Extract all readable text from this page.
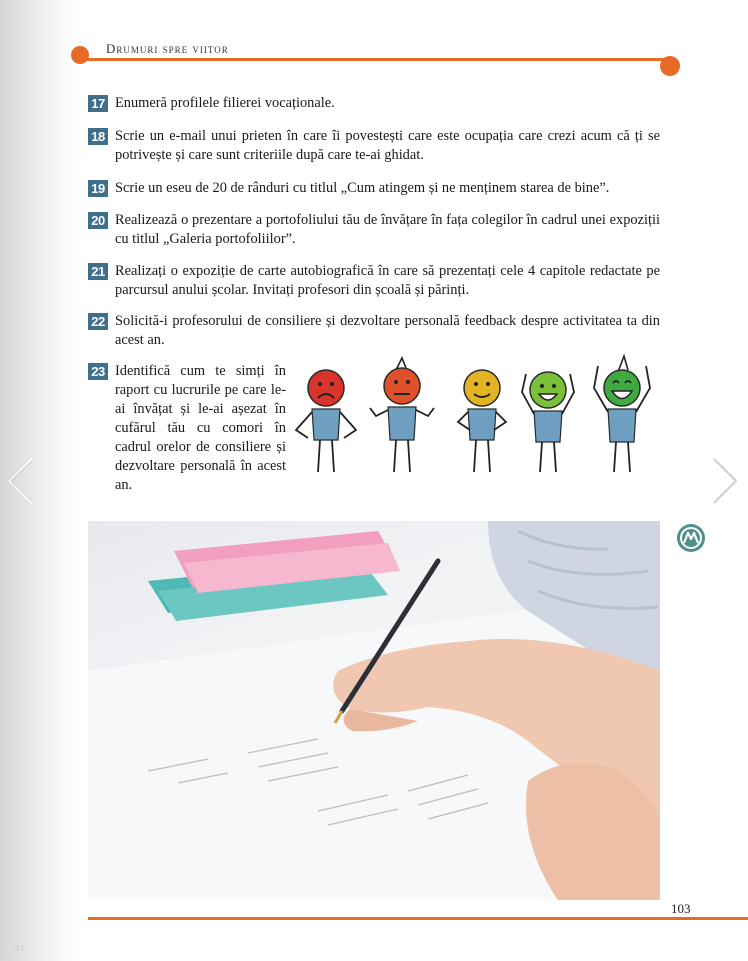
44
Drumuri spre viitor
17 Enumeră profilele filierei vocaționale.
18 Scrie un e-mail unui prieten în care îi povestești care este ocupația care crezi acum că ți se potrivește și care sunt criteriile după care te-ai ghidat.
19 Scrie un eseu de 20 de rânduri cu titlul „Cum atingem și ne menținem starea de bine”.
20 Realizează o prezentare a portofoliului tău de învățare în fața colegilor în cadrul unei expoziții cu titlul „Galeria portofoliilor”.
21 Realizați o expoziție de carte autobiografică în care să prezentați cele 4 capitole redactate pe parcursul anului școlar. Invitați profesori din școală și părinți.
22 Solicită-i profesorului de consiliere și dezvoltare personală feedback despre activitatea ta din acest an.
23 Identifică cum te simți în raport cu lucrurile pe care le-ai învățat și le-ai așezat în cufărul tău cu comori în cadrul orelor de consiliere și dezvoltare personală în acest an.
103
